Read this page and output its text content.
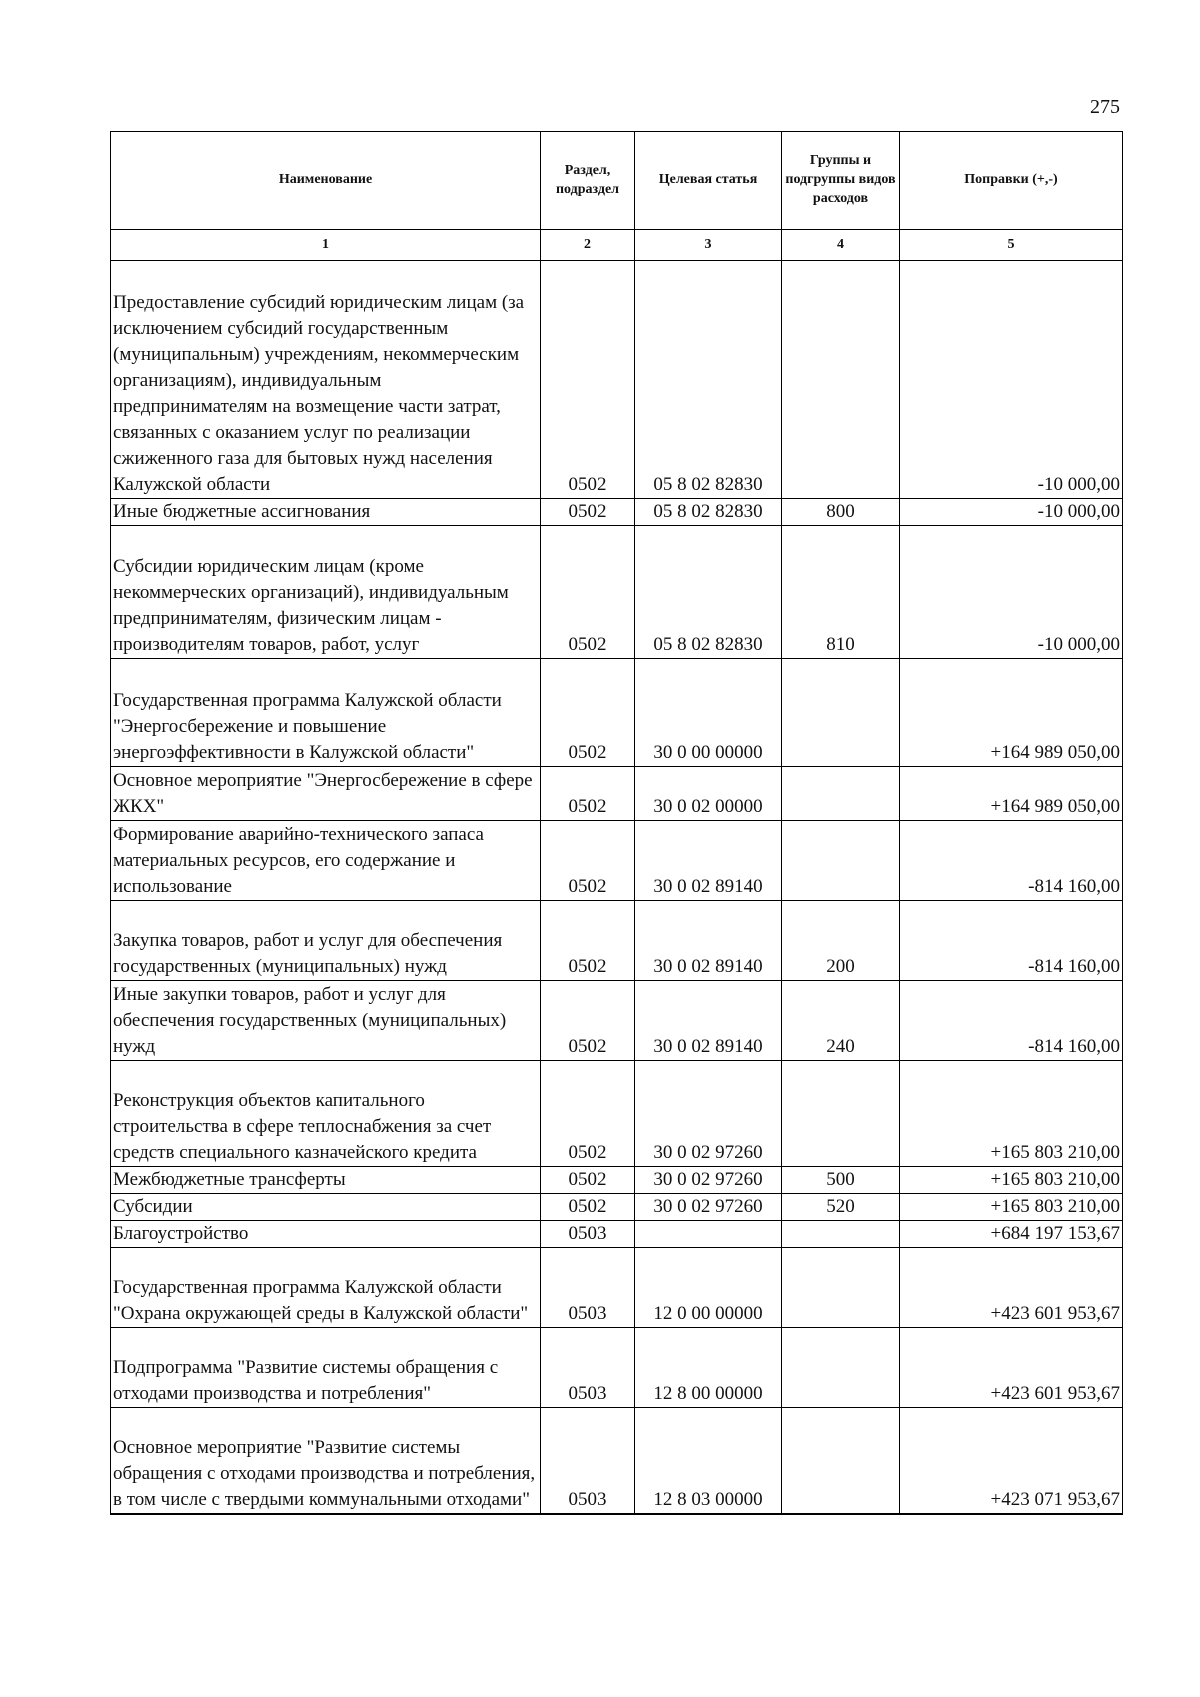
275
Наименование	Раздел, подраздел	Целевая статья	Группы и подгруппы видов расходов	Поправки (+,-)
1	2	3	4	5
Предоставление субсидий юридическим лицам (за исключением субсидий государственным (муниципальным) учреждениям, некоммерческим организациям), индивидуальным предпринимателям на возмещение части затрат, связанных с оказанием услуг по реализации сжиженного газа для бытовых нужд населения Калужской области	0502	05 8 02 82830		-10 000,00
Иные бюджетные ассигнования	0502	05 8 02 82830	800	-10 000,00
Субсидии юридическим лицам (кроме некоммерческих организаций), индивидуальным предпринимателям, физическим лицам - производителям товаров, работ, услуг	0502	05 8 02 82830	810	-10 000,00
Государственная программа Калужской области "Энергосбережение и повышение энергоэффективности в Калужской области"	0502	30 0 00 00000		+164 989 050,00
Основное мероприятие "Энергосбережение в сфере ЖКХ"	0502	30 0 02 00000		+164 989 050,00
Формирование аварийно-технического запаса материальных ресурсов, его содержание и использование	0502	30 0 02 89140		-814 160,00
Закупка товаров, работ и услуг для обеспечения государственных (муниципальных) нужд	0502	30 0 02 89140	200	-814 160,00
Иные закупки товаров, работ и услуг для обеспечения государственных (муниципальных) нужд	0502	30 0 02 89140	240	-814 160,00
Реконструкция объектов капитального строительства в сфере теплоснабжения за счет средств специального казначейского кредита	0502	30 0 02 97260		+165 803 210,00
Межбюджетные трансферты	0502	30 0 02 97260	500	+165 803 210,00
Субсидии	0502	30 0 02 97260	520	+165 803 210,00
Благоустройство	0503			+684 197 153,67
Государственная программа Калужской области "Охрана окружающей среды в Калужской области"	0503	12 0 00 00000		+423 601 953,67
Подпрограмма "Развитие системы обращения с отходами производства и потребления"	0503	12 8 00 00000		+423 601 953,67
Основное мероприятие "Развитие системы обращения с отходами производства и потребления, в том числе с твердыми коммунальными отходами"	0503	12 8 03 00000		+423 071 953,67
